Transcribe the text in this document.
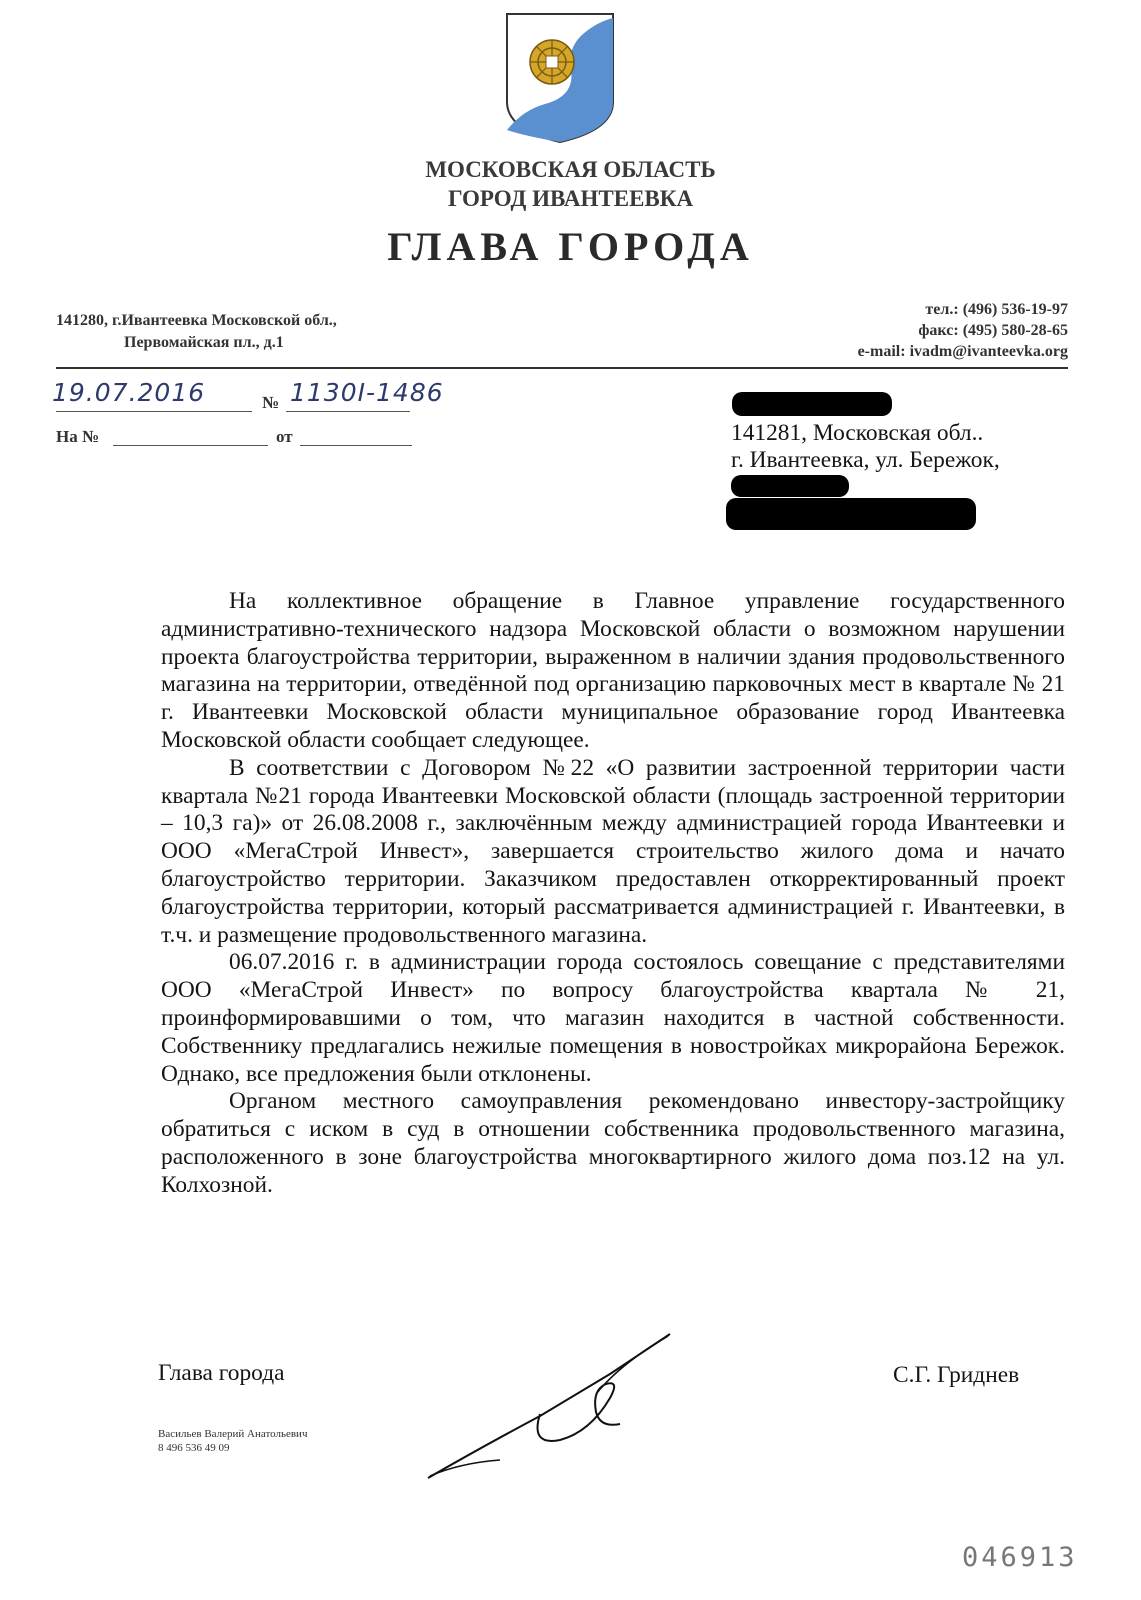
МОСКОВСКАЯ ОБЛАСТЬ
ГОРОД ИВАНТЕЕВКА
ГЛАВА ГОРОДА
141280, г.Ивантеевка Московской обл.,
Первомайская пл., д.1
тел.: (496) 536-19-97
факс: (495) 580-28-65
e-mail: ivadm@ivanteevka.org
19.07.2016	№ 1130I-1486
На №	от	141281, Московская обл..
г. Ивантеевка, ул. Бережок,

На коллективное обращение в Главное управление государственного административно-технического надзора Московской области о возможном нарушении проекта благоустройства территории, выраженном в наличии здания продовольственного магазина на территории, отведённой под организацию парковочных мест в квартале № 21 г. Ивантеевки Московской области муниципальное образование город Ивантеевка Московской области сообщает следующее.

В соответствии с Договором №22 «О развитии застроенной территории части квартала №21 города Ивантеевки Московской области (площадь застроенной территории – 10,3 га)» от 26.08.2008 г., заключённым между администрацией города Ивантеевки и ООО «МегаСтрой Инвест», завершается строительство жилого дома и начато благоустройство территории. Заказчиком предоставлен откорректированный проект благоустройства территории, который рассматривается администрацией г. Ивантеевки, в т.ч. и размещение продовольственного магазина.

06.07.2016 г. в администрации города состоялось совещание с представителями ООО «МегаСтрой Инвест» по вопросу благоустройства квартала № 21, проинформировавшими о том, что магазин находится в частной собственности. Собственнику предлагались нежилые помещения в новостройках микрорайона Бережок. Однако, все предложения были отклонены.

Органом местного самоуправления рекомендовано инвестору-застройщику обратиться с иском в суд в отношении собственника продовольственного магазина, расположенного в зоне благоустройства многоквартирного жилого дома поз.12 на ул. Колхозной.

Глава города	С.Г. Гриднев
Васильев Валерий Анатольевич
8 496 536 49 09
046913
